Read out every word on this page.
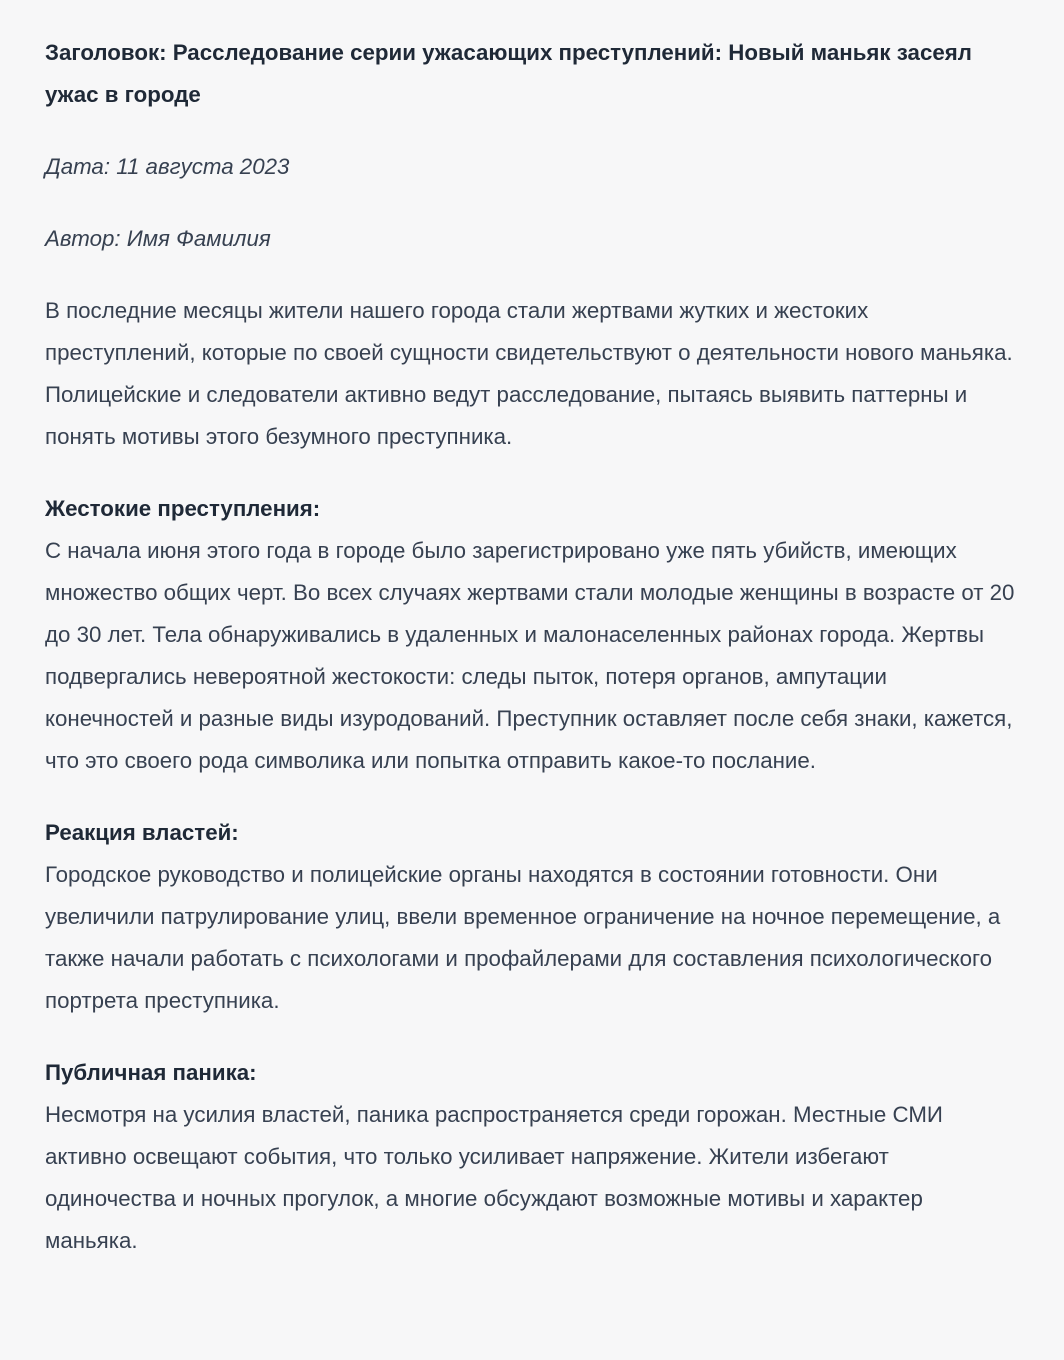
Заголовок: Расследование серии ужасающих преступлений: Новый маньяк засеял ужас в городе

Дата: 11 августа 2023

Автор: Имя Фамилия

В последние месяцы жители нашего города стали жертвами жутких и жестоких преступлений, которые по своей сущности свидетельствуют о деятельности нового маньяка. Полицейские и следователи активно ведут расследование, пытаясь выявить паттерны и понять мотивы этого безумного преступника.

Жестокие преступления:
С начала июня этого года в городе было зарегистрировано уже пять убийств, имеющих множество общих черт. Во всех случаях жертвами стали молодые женщины в возрасте от 20 до 30 лет. Тела обнаруживались в удаленных и малонаселенных районах города. Жертвы подвергались невероятной жестокости: следы пыток, потеря органов, ампутации конечностей и разные виды изуродований. Преступник оставляет после себя знаки, кажется, что это своего рода символика или попытка отправить какое-то послание.

Реакция властей:
Городское руководство и полицейские органы находятся в состоянии готовности. Они увеличили патрулирование улиц, ввели временное ограничение на ночное перемещение, а также начали работать с психологами и профайлерами для составления психологического портрета преступника.

Публичная паника:
Несмотря на усилия властей, паника распространяется среди горожан. Местные СМИ активно освещают события, что только усиливает напряжение. Жители избегают одиночества и ночных прогулок, а многие обсуждают возможные мотивы и характер маньяка.
